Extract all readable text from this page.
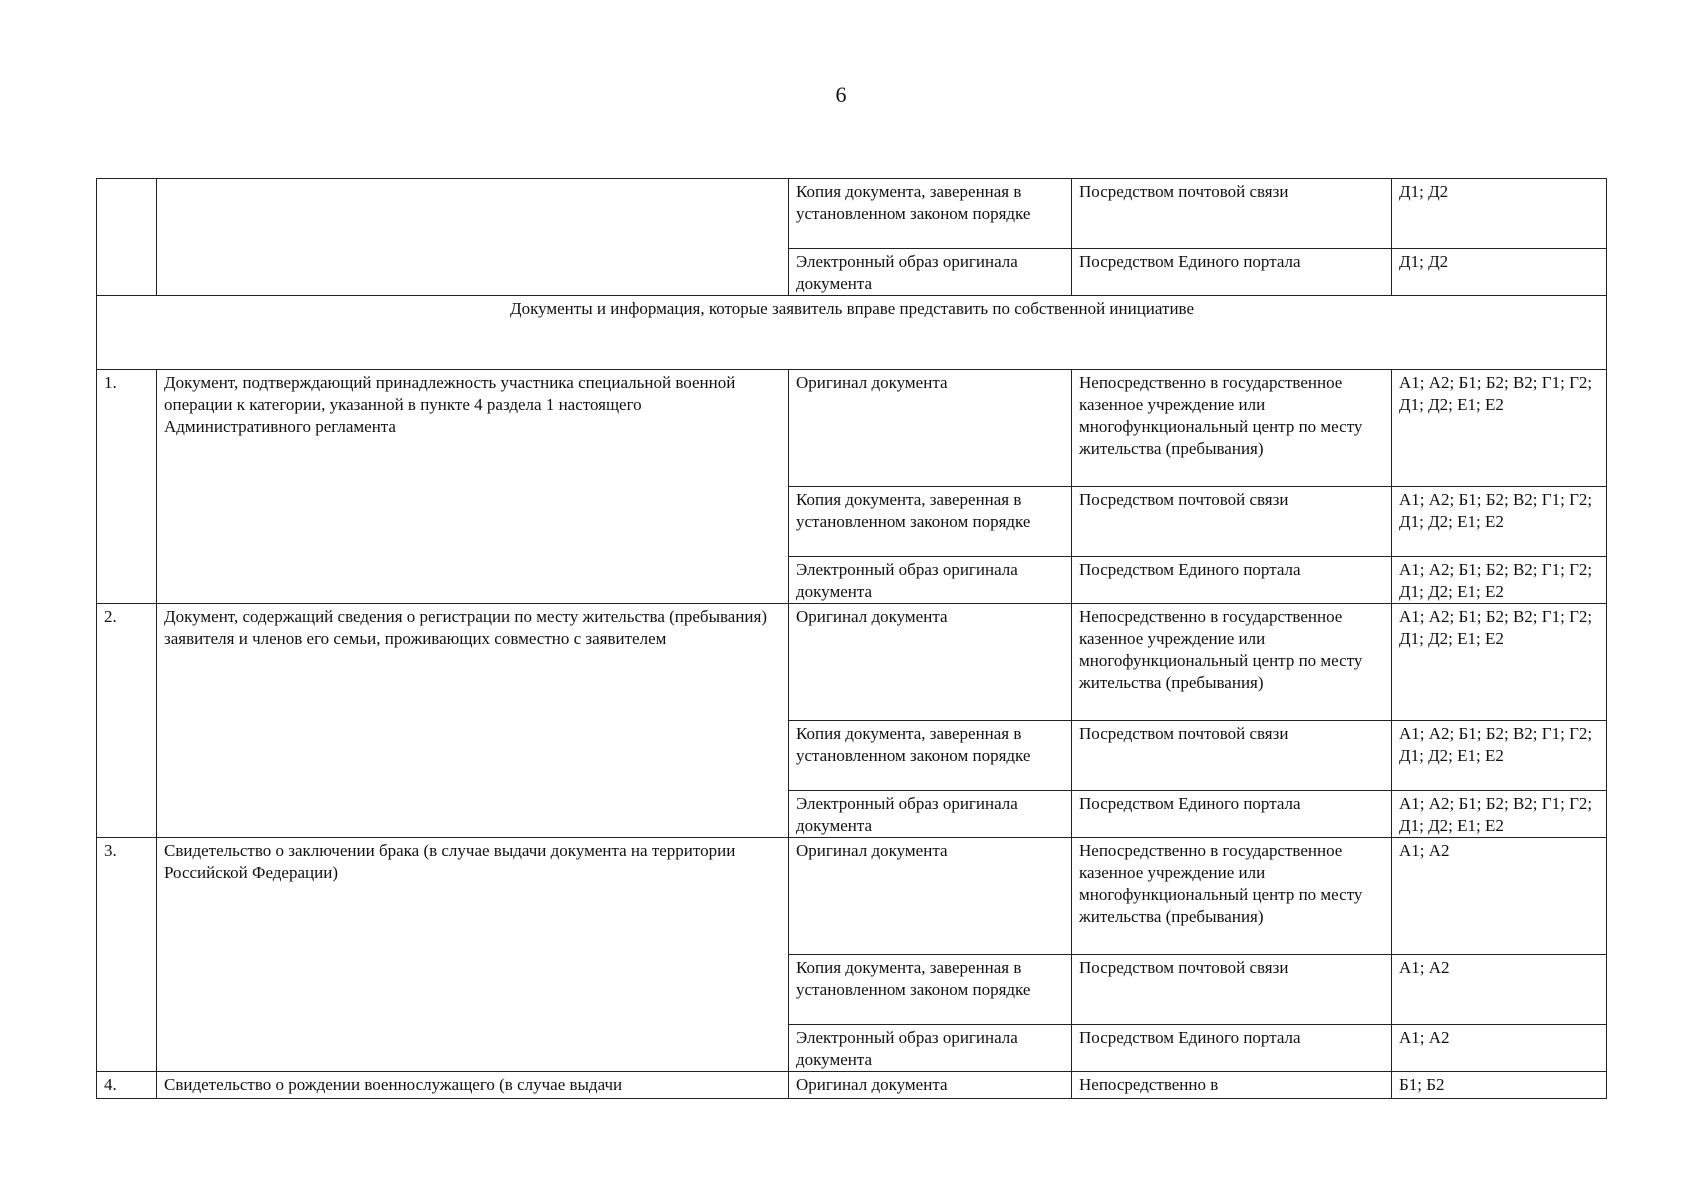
6
		Копия документа, заверенная в установленном законом порядке	Посредством почтовой связи	Д1; Д2
		Электронный образ оригинала документа	Посредством Единого портала	Д1; Д2
Документы и информация, которые заявитель вправе представить по собственной инициативе				
1.	Документ, подтверждающий принадлежность участника специальной военной операции к категории, указанной в пункте 4 раздела 1 настоящего Административного регламента	Оригинал документа	Непосредственно в государственное казенное учреждение или многофункциональный центр по месту жительства (пребывания)	А1; А2; Б1; Б2; В2; Г1; Г2; Д1; Д2; Е1; Е2
		Копия документа, заверенная в установленном законом порядке	Посредством почтовой связи	А1; А2; Б1; Б2; В2; Г1; Г2; Д1; Д2; Е1; Е2
		Электронный образ оригинала документа	Посредством Единого портала	А1; А2; Б1; Б2; В2; Г1; Г2; Д1; Д2; Е1; Е2
2.	Документ, содержащий сведения о регистрации по месту жительства (пребывания) заявителя и членов его семьи, проживающих совместно с заявителем	Оригинал документа	Непосредственно в государственное казенное учреждение или многофункциональный центр по месту жительства (пребывания)	А1; А2; Б1; Б2; В2; Г1; Г2; Д1; Д2; Е1; Е2
		Копия документа, заверенная в установленном законом порядке	Посредством почтовой связи	А1; А2; Б1; Б2; В2; Г1; Г2; Д1; Д2; Е1; Е2
		Электронный образ оригинала документа	Посредством Единого портала	А1; А2; Б1; Б2; В2; Г1; Г2; Д1; Д2; Е1; Е2
3.	Свидетельство о заключении брака (в случае выдачи документа на территории Российской Федерации)	Оригинал документа	Непосредственно в государственное казенное учреждение или многофункциональный центр по месту жительства (пребывания)	А1; А2
		Копия документа, заверенная в установленном законом порядке	Посредством почтовой связи	А1; А2
		Электронный образ оригинала документа	Посредством Единого портала	А1; А2
4.	Свидетельство о рождении военнослужащего (в случае выдачи	Оригинал документа	Непосредственно в	Б1; Б2
